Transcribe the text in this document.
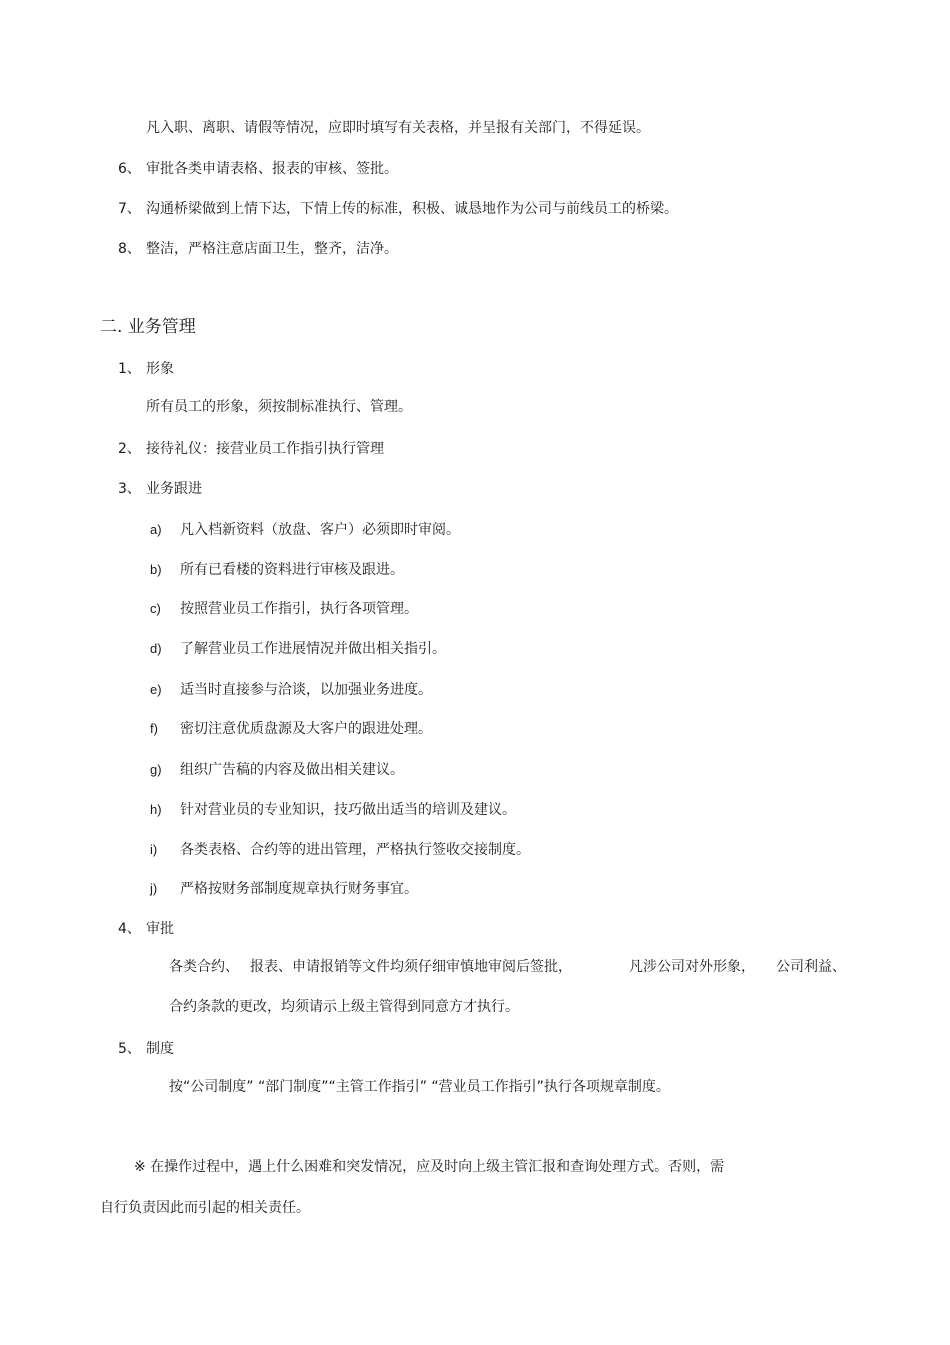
凡入职、离职、请假等情况，应即时填写有关表格，并呈报有关部门，不得延误。
6、 审批各类申请表格、报表的审核、签批。
7、 沟通桥梁做到上情下达，下情上传的标准，积极、诚恳地作为公司与前线员工的桥梁。
8、 整洁，严格注意店面卫生，整齐，洁净。
二. 业务管理
1、 形象
所有员工的形象，须按制标准执行、管理。
2、 接待礼仪：接营业员工作指引执行管理
3、 业务跟进
a) 凡入档新资料（放盘、客户）必须即时审阅。
b) 所有已看楼的资料进行审核及跟进。
c) 按照营业员工作指引，执行各项管理。
d) 了解营业员工作进展情况并做出相关指引。
e) 适当时直接参与洽谈，以加强业务进度。
f) 密切注意优质盘源及大客户的跟进处理。
g) 组织广告稿的内容及做出相关建议。
h) 针对营业员的专业知识，技巧做出适当的培训及建议。
i) 各类表格、合约等的进出管理，严格执行签收交接制度。
j) 严格按财务部制度规章执行财务事宜。
4、 审批
各类合约、 报表、申请报销等文件均须仔细审慎地审阅后签批，	凡涉公司对外形象， 公司利益、
合约条款的更改，均须请示上级主管得到同意方才执行。
5、 制度
按“公司制度” “部门制度”“主管工作指引” “营业员工作指引”执行各项规章制度。
※ 在操作过程中，遇上什么困难和突发情况，应及时向上级主管汇报和查询处理方式。否则，需
自行负责因此而引起的相关责任。
